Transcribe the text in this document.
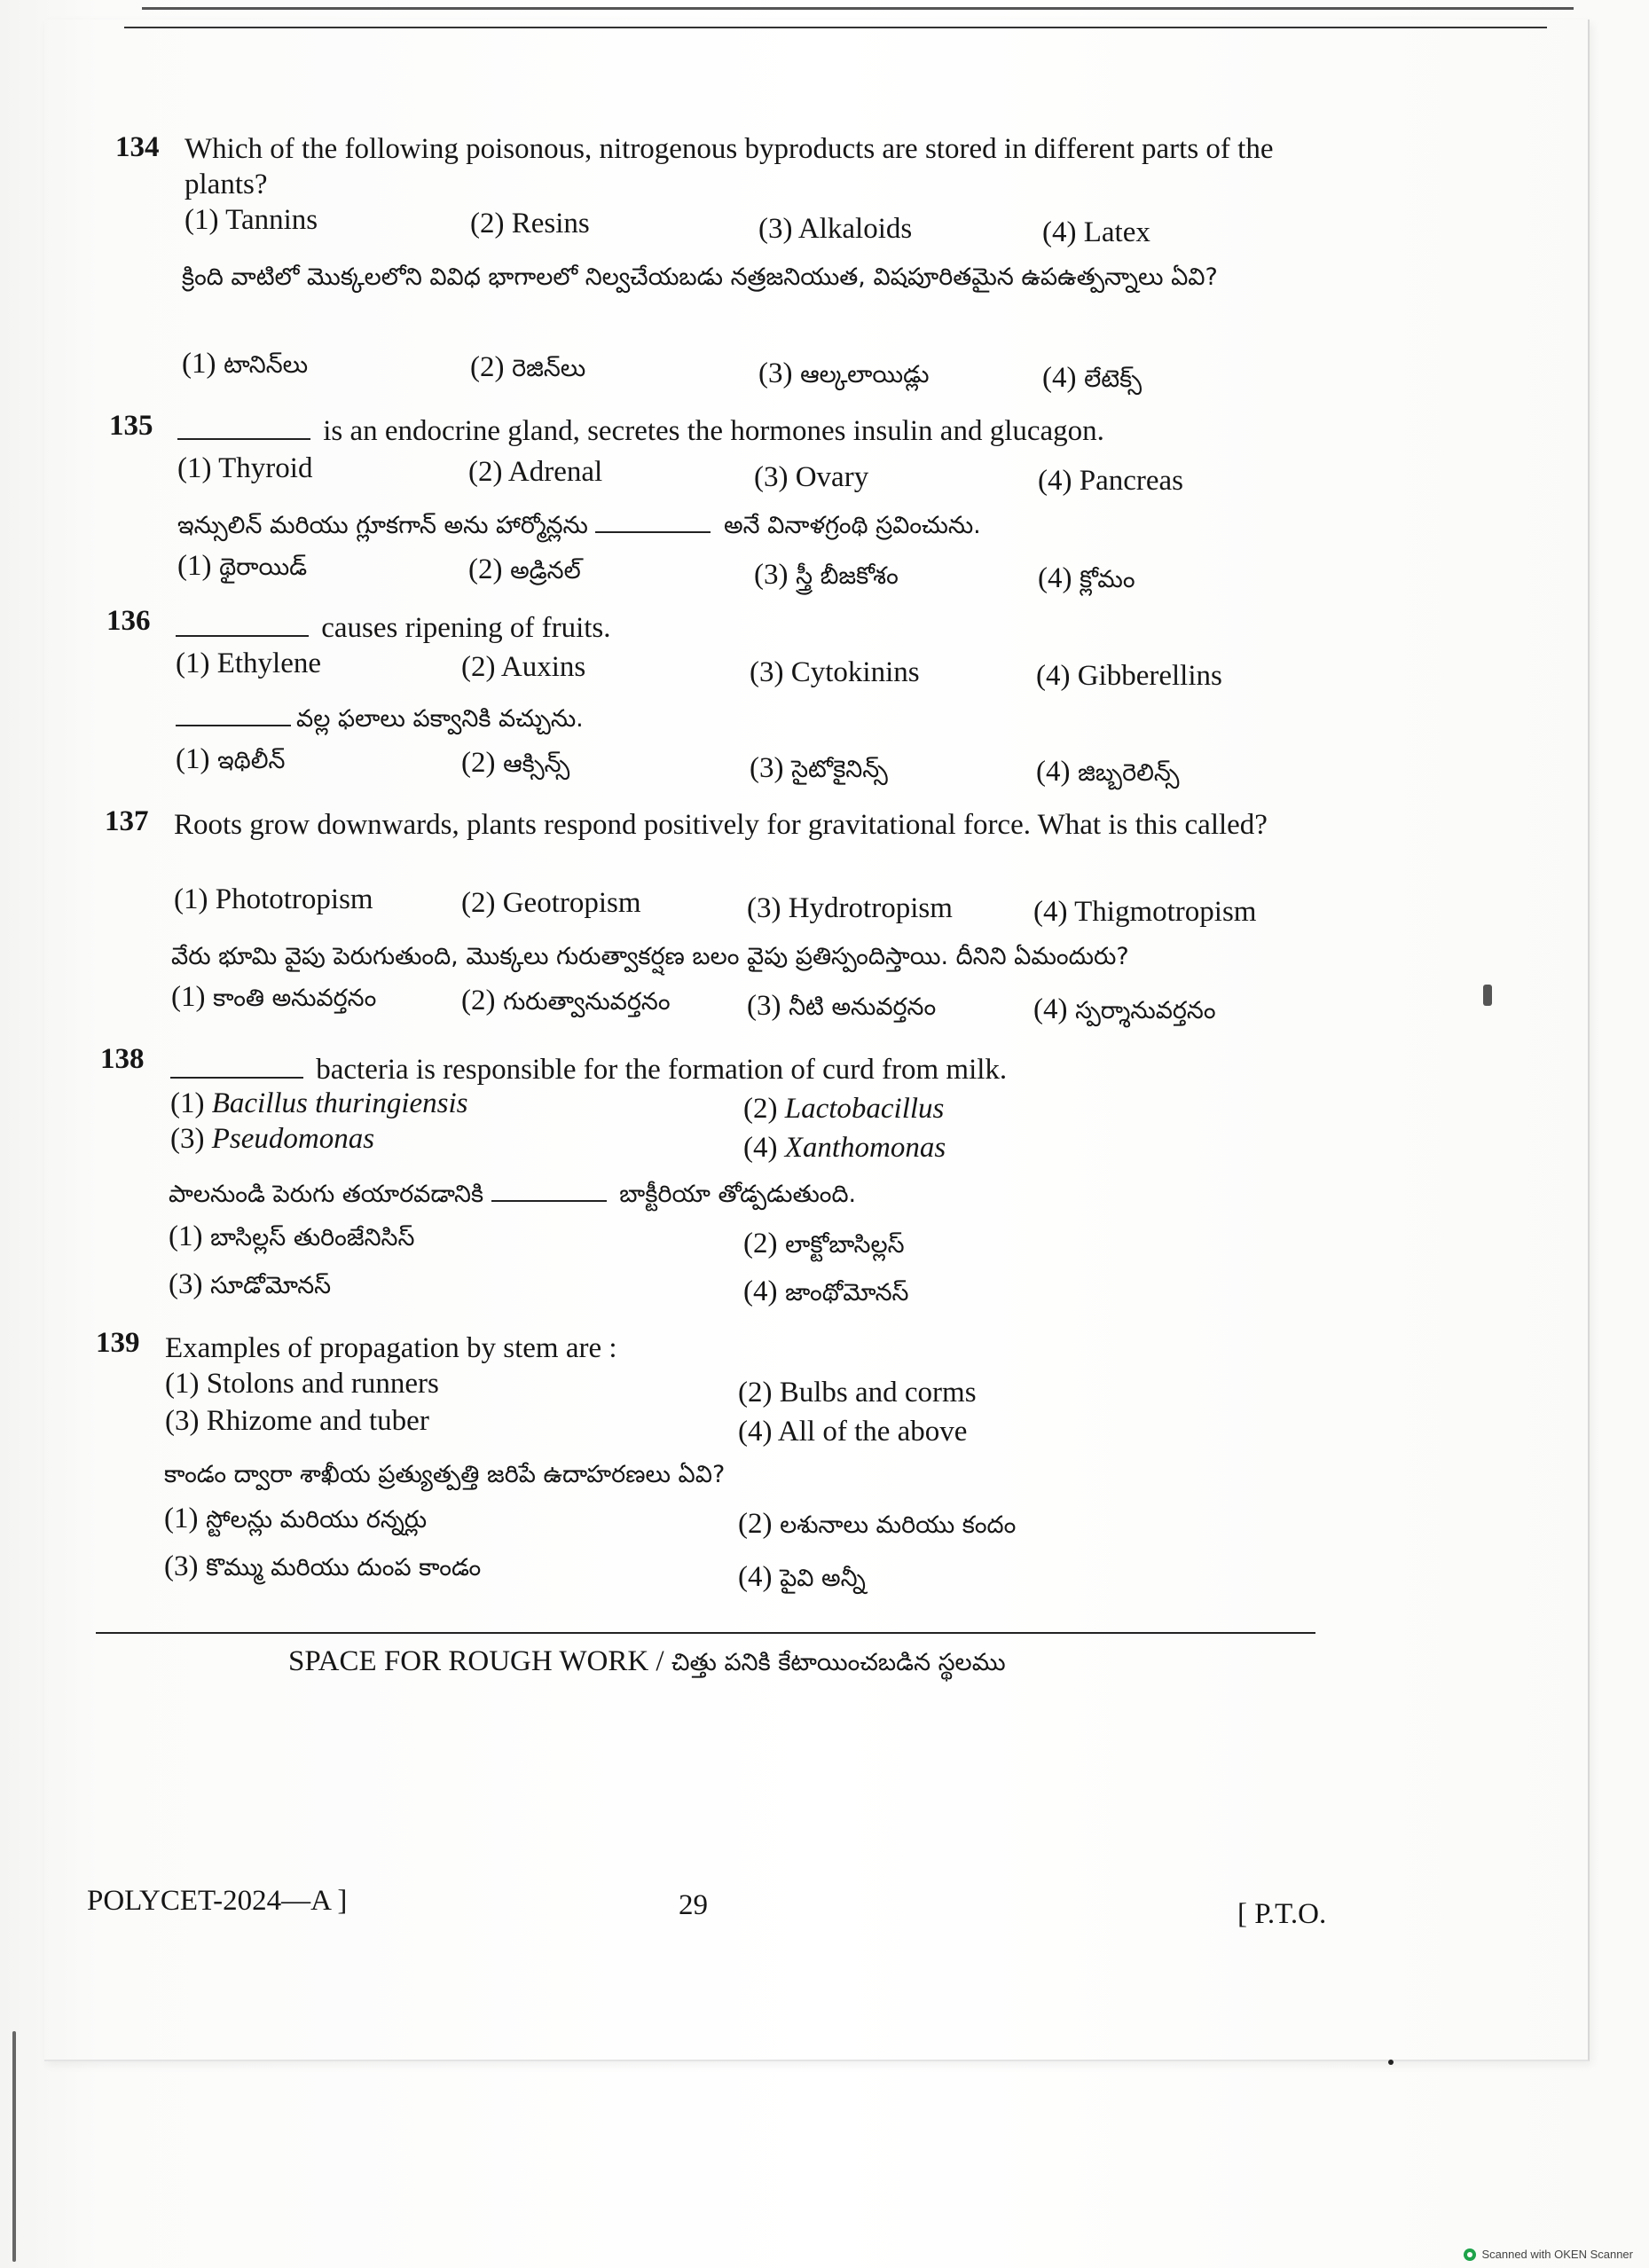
134 Which of the following poisonous, nitrogenous byproducts are stored in different parts of the plants?
(1) Tannins	(2) Resins	(3) Alkaloids	(4) Latex
క్రింది వాటిలో మొక్కలలోని వివిధ భాగాలలో నిల్వచేయబడు నత్రజనియుత, విషపూరితమైన ఉపఉత్పన్నాలు ఏవి?
(1) టానిన్‌లు	(2) రెజిన్‌లు	(3) ఆల్కలాయిడ్లు	(4) లేటెక్స్
135	is an endocrine gland, secretes the hormones insulin and glucagon.
(1) Thyroid	(2) Adrenal	(3) Ovary	(4) Pancreas
ఇన్సులిన్ మరియు గ్లూకగాన్ అను హార్మోన్లను	అనే వినాళగ్రంథి స్రవించును.
(1) థైరాయిడ్	(2) అడ్రినల్	(3) స్త్రీ బీజకోశం	(4) క్లోమం
136	causes ripening of fruits.
(1) Ethylene	(2) Auxins	(3) Cytokinins	(4) Gibberellins
వల్ల ఫలాలు పక్వానికి వచ్చును.
(1) ఇథిలీన్	(2) ఆక్సిన్స్	(3) సైటోకైనిన్స్	(4) జిబ్బరెలిన్స్
137 Roots grow downwards, plants respond positively for gravitational force. What is this called?
(1) Phototropism	(2) Geotropism	(3) Hydrotropism	(4) Thigmotropism
వేరు భూమి వైపు పెరుగుతుంది, మొక్కలు గురుత్వాకర్షణ బలం వైపు ప్రతిస్పందిస్తాయి. దీనిని ఏమందురు?
(1) కాంతి అనువర్తనం	(2) గురుత్వానువర్తనం	(3) నీటి అనువర్తనం	(4) స్పర్శానువర్తనం
138	bacteria is responsible for the formation of curd from milk.
(1) Bacillus thuringiensis	(2) Lactobacillus
(3) Pseudomonas	(4) Xanthomonas
పాలనుండి పెరుగు తయారవడానికి	బాక్టీరియా తోడ్పడుతుంది.
(1) బాసిల్లస్ తురింజేనిసిస్	(2) లాక్టోబాసిల్లస్
(3) సూడోమోనస్	(4) జాంథోమోనస్
139 Examples of propagation by stem are :
(1) Stolons and runners	(2) Bulbs and corms
(3) Rhizome and tuber	(4) All of the above
కాండం ద్వారా శాఖీయ ప్రత్యుత్పత్తి జరిపే ఉదాహరణలు ఏవి?
(1) స్టోలన్లు మరియు రన్నర్లు	(2) లశునాలు మరియు కందం
(3) కొమ్ము మరియు దుంప కాండం	(4) పైవి అన్నీ
SPACE FOR ROUGH WORK / చిత్తు పనికి కేటాయించబడిన స్థలము
POLYCET-2024—A ]	29	[ P.T.O.
Scanned with OKEN Scanner
